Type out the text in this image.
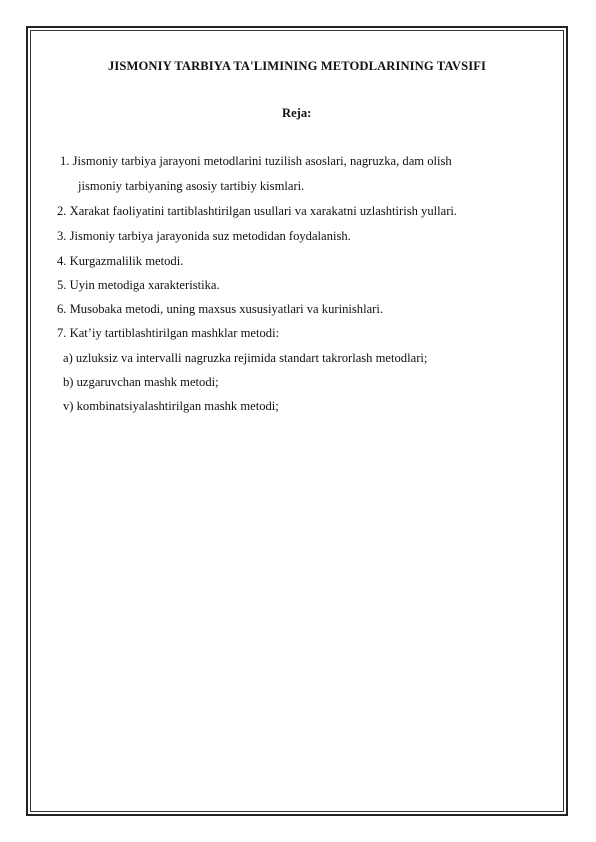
JISMONIY TARBIYA TA'LIMINING METODLARINING TAVSIFI
Reja:
1. Jismoniy tarbiya jarayoni metodlarini tuzilish asoslari, nagruzka, dam olish
jismoniy tarbiyaning asosiy tartibiy kismlari.
2. Xarakat faoliyatini tartiblashtirilgan usullari va xarakatni uzlashtirish yullari.
3. Jismoniy tarbiya jarayonida suz metodidan foydalanish.
4. Kurgazmalilik metodi.
5. Uyin metodiga xarakteristika.
6. Musobaka metodi, uning maxsus xususiyatlari va kurinishlari.
7. Kat’iy tartiblashtirilgan mashklar metodi:
a) uzluksiz va intervalli nagruzka rejimida standart takrorlash metodlari;
b) uzgaruvchan mashk metodi;
v) kombinatsiyalashtirilgan mashk metodi;
